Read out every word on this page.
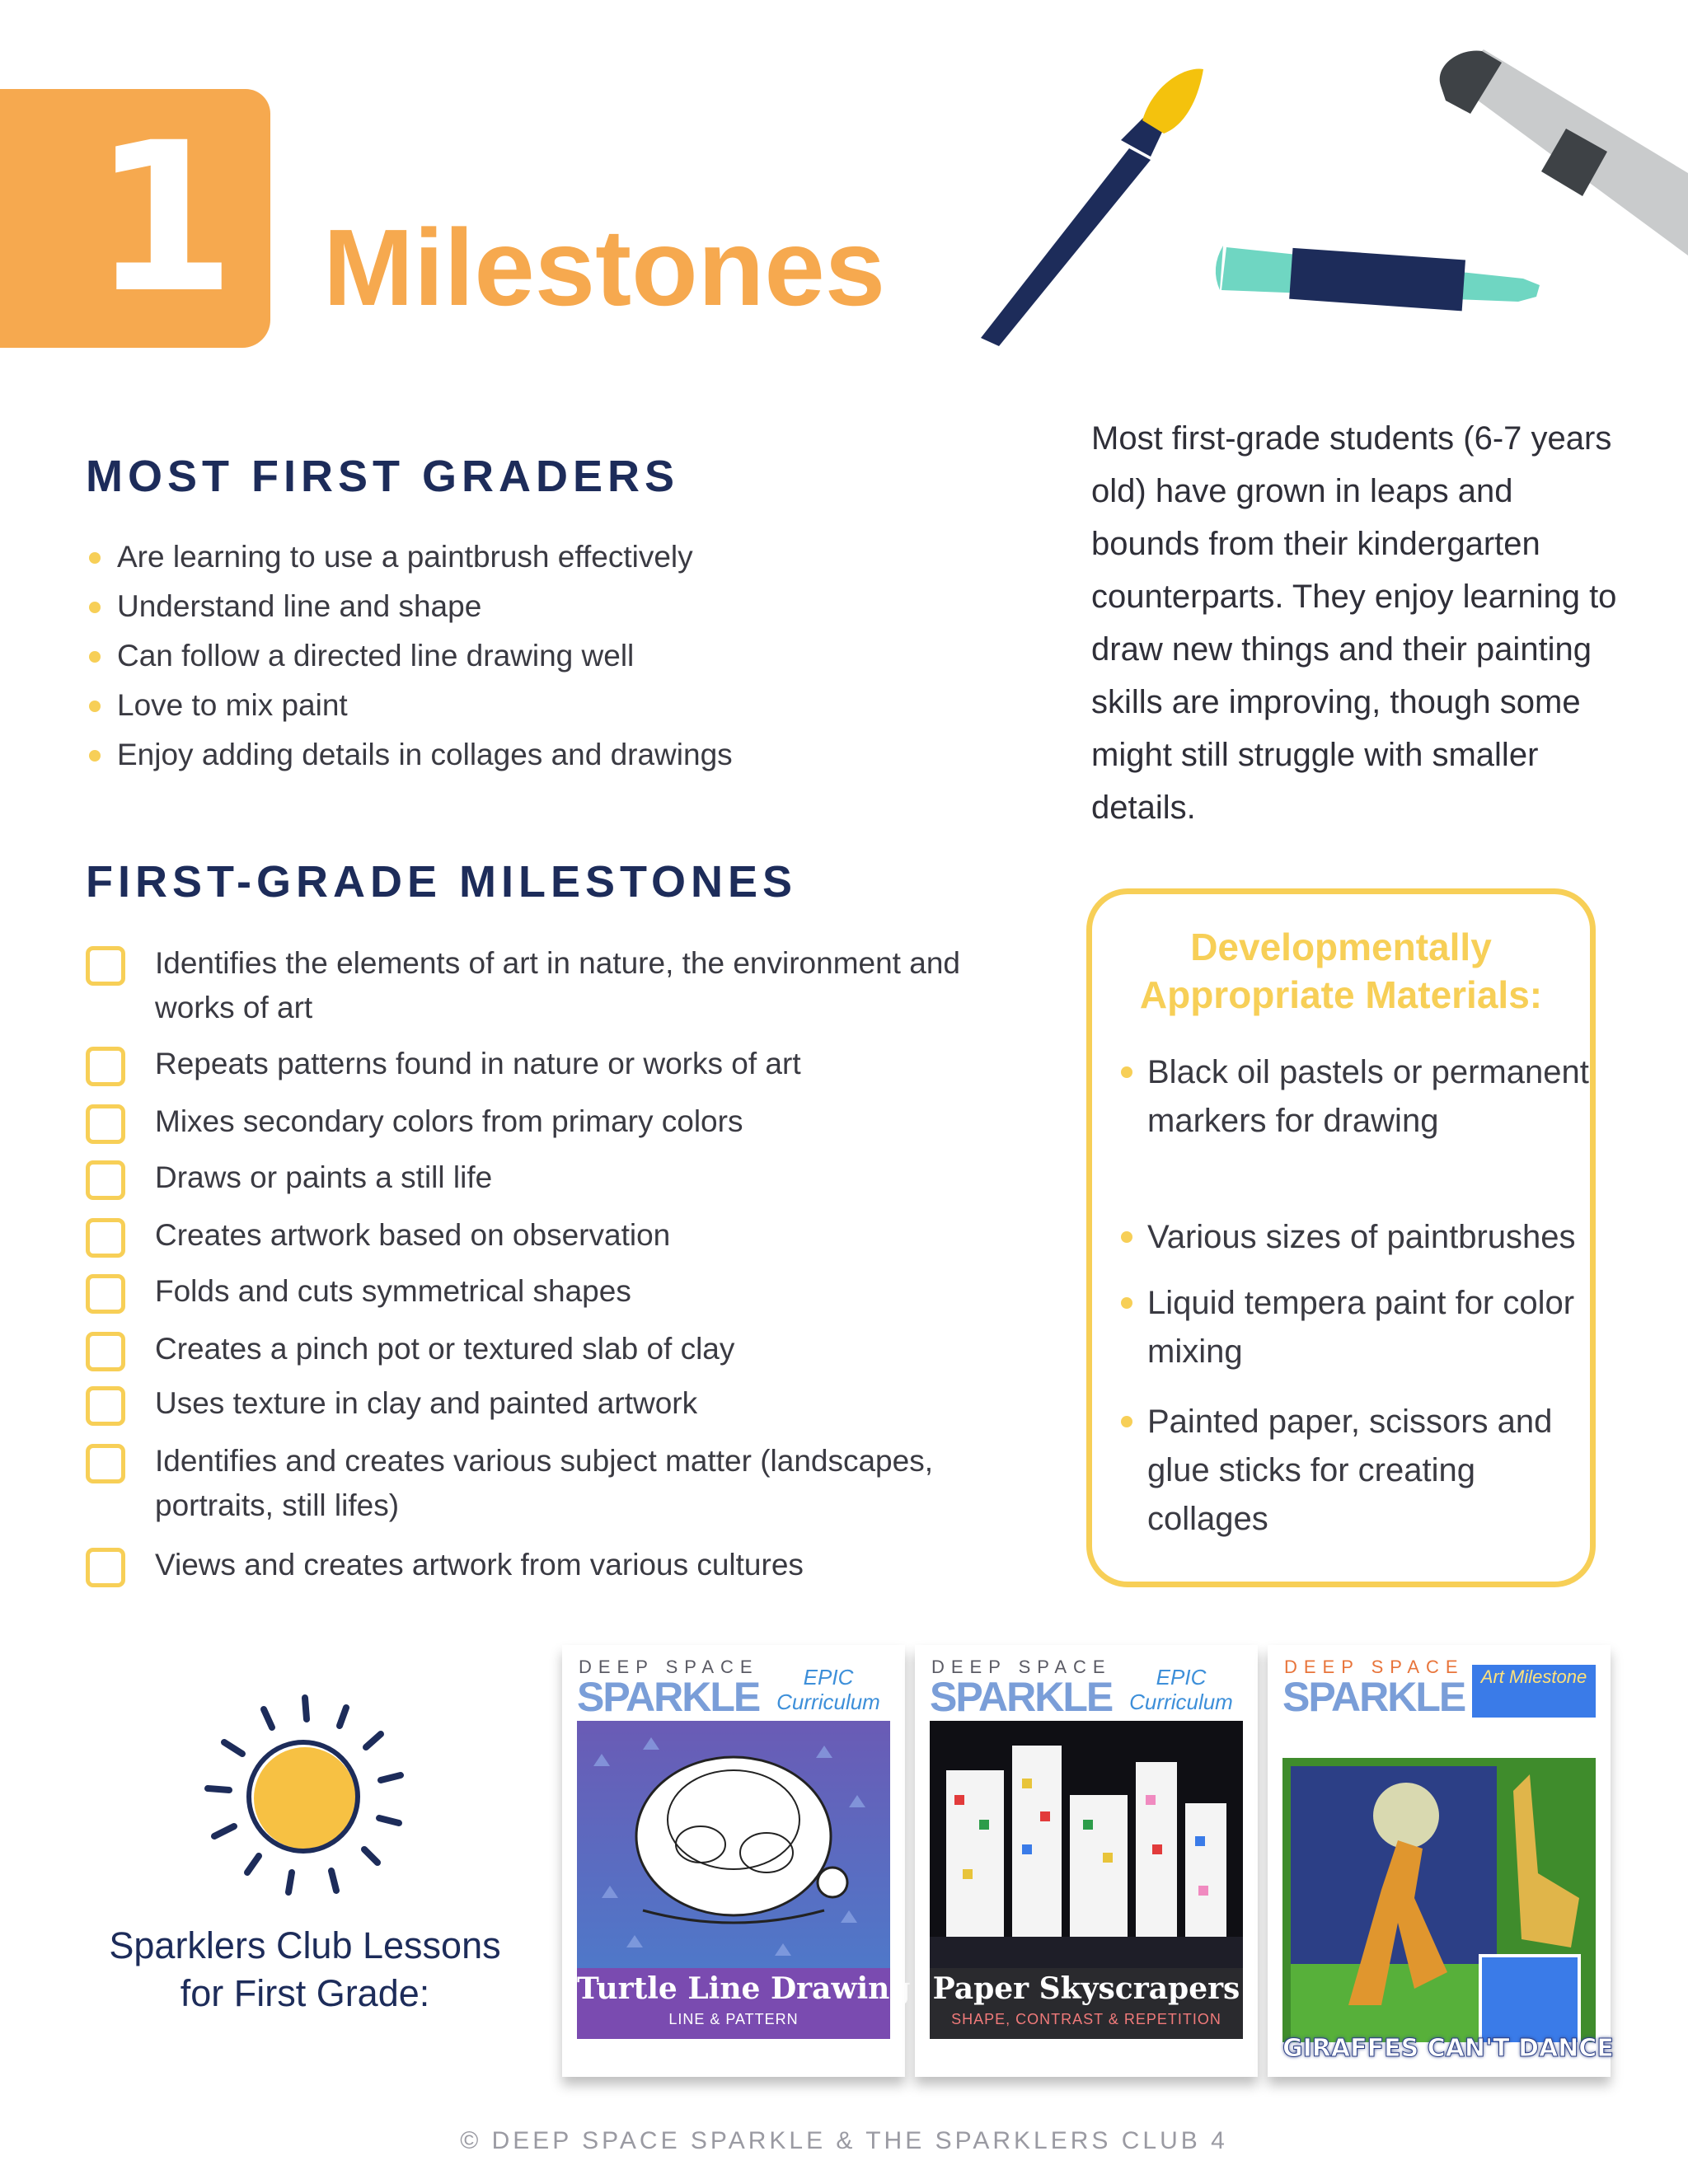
1 Milestones
MOST FIRST GRADERS
Are learning to use a paintbrush effectively
Understand line and shape
Can follow a directed line drawing well
Love to mix paint
Enjoy adding details in collages and drawings
Most first-grade students (6-7 years old) have grown in leaps and bounds from their kindergarten counterparts. They enjoy learning to draw new things and their painting skills are improving, though some might still struggle with smaller details.
FIRST-GRADE MILESTONES
Identifies the elements of art in nature, the environment and works of art
Repeats patterns found in nature or works of art
Mixes secondary colors from primary colors
Draws or paints a still life
Creates artwork based on observation
Folds and cuts symmetrical shapes
Creates a pinch pot or textured slab of clay
Uses texture in clay and painted artwork
Identifies and creates various subject matter (landscapes, portraits, still lifes)
Views and creates artwork from various cultures
Developmentally
Appropriate Materials:
Black oil pastels or permanent markers for drawing
Various sizes of paintbrushes
Liquid tempera paint for color mixing
Painted paper, scissors and glue sticks for creating collages
Sparklers Club Lessons
for First Grade:
DEEP SPACE
SPARKLE	EPIC Curriculum
Turtle Line Drawing
LINE & PATTERN
DEEP SPACE
SPARKLE	EPIC Curriculum
Paper Skyscrapers
SHAPE, CONTRAST & REPETITION
DEEP SPACE
SPARKLE Art Milestone
GIRAFFES CAN'T DANCE
© DEEP SPACE SPARKLE & THE SPARKLERS CLUB 4
